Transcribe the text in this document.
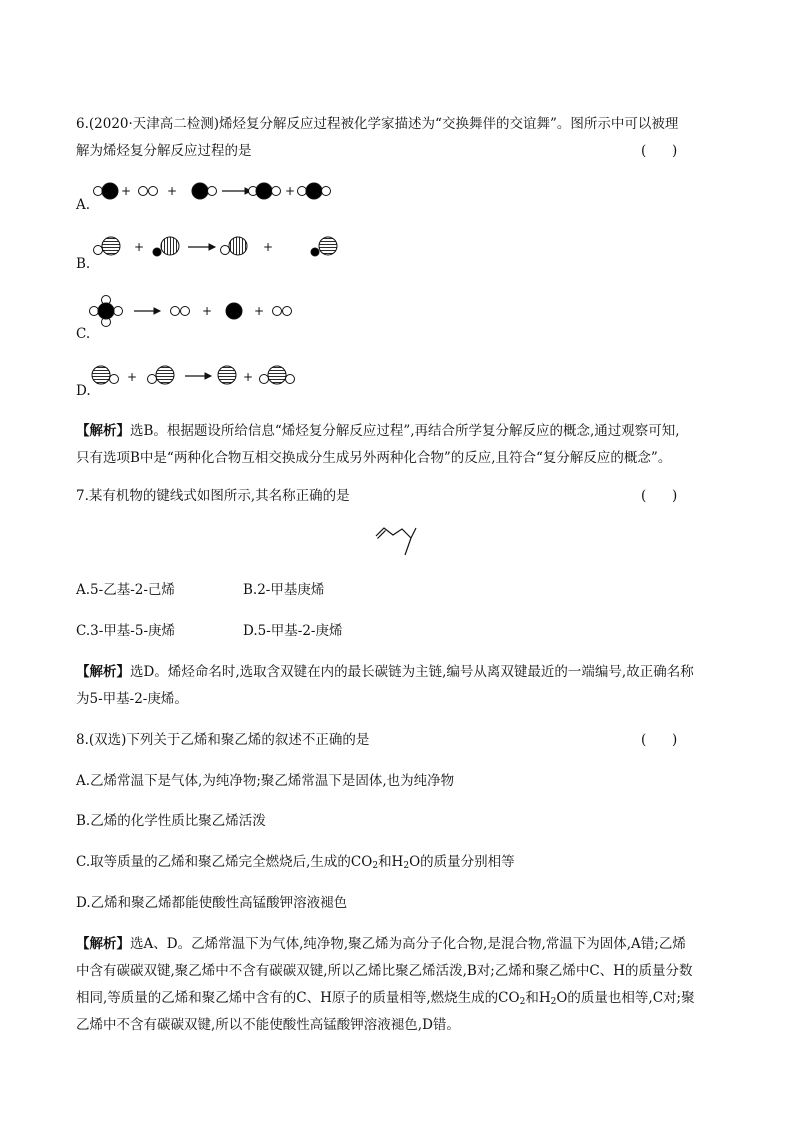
6.(2020·天津高二检测)烯烃复分解反应过程被化学家描述为“交换舞伴的交谊舞”。图所示中可以被理
解为烯烃复分解反应过程的是	(      )
A.
+	+	+
B.
+	+
C.
+	+
D.
+	+
【解析】选B。根据题设所给信息“烯烃复分解反应过程”,再结合所学复分解反应的概念,通过观察可知,
只有选项B中是“两种化合物互相交换成分生成另外两种化合物”的反应,且符合“复分解反应的概念”。
7.某有机物的键线式如图所示,其名称正确的是	(      )
A.5-乙基-2-己烯	B.2-甲基庚烯
C.3-甲基-5-庚烯	D.5-甲基-2-庚烯
【解析】选D。烯烃命名时,选取含双键在内的最长碳链为主链,编号从离双键最近的一端编号,故正确名称
为5-甲基-2-庚烯。
8.(双选)下列关于乙烯和聚乙烯的叙述不正确的是	(      )
A.乙烯常温下是气体,为纯净物;聚乙烯常温下是固体,也为纯净物
B.乙烯的化学性质比聚乙烯活泼
C.取等质量的乙烯和聚乙烯完全燃烧后,生成的$CO_2$和$H_2O$的质量分别相等
D.乙烯和聚乙烯都能使酸性高锰酸钾溶液褪色
【解析】选A、D。乙烯常温下为气体,纯净物,聚乙烯为高分子化合物,是混合物,常温下为固体,A错;乙烯
中含有碳碳双键,聚乙烯中不含有碳碳双键,所以乙烯比聚乙烯活泼,B对;乙烯和聚乙烯中C、H的质量分数
相同,等质量的乙烯和聚乙烯中含有的C、H原子的质量相等,燃烧生成的$CO_2$和$H_2O$的质量也相等,C对;聚
乙烯中不含有碳碳双键,所以不能使酸性高锰酸钾溶液褪色,D错。
